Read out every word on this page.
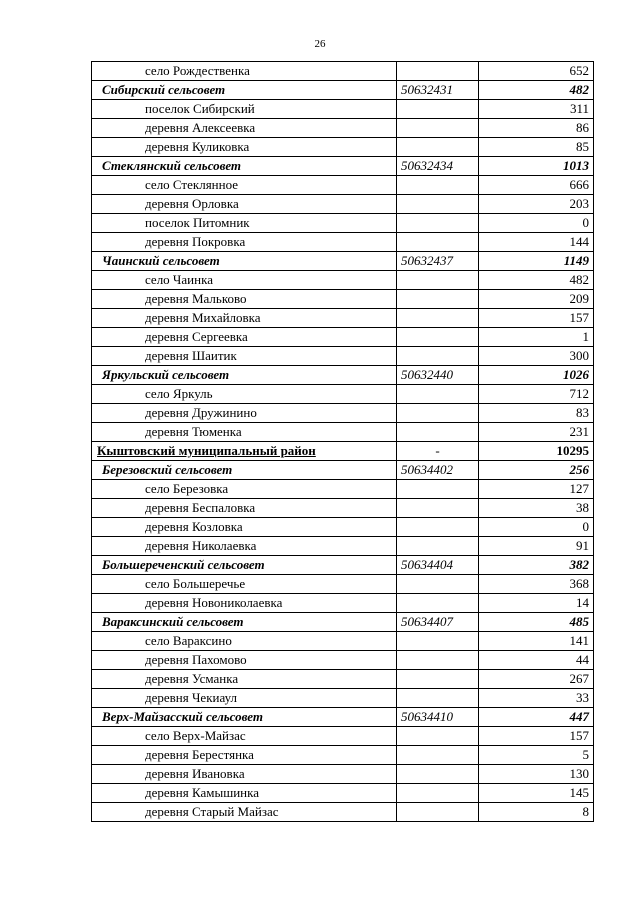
26
село Рождественка		652
Сибирский сельсовет	50632431	482
поселок Сибирский		311
деревня Алексеевка		86
деревня Куликовка		85
Стеклянский сельсовет	50632434	1013
село Стеклянное		666
деревня Орловка		203
поселок Питомник		0
деревня Покровка		144
Чаинский сельсовет	50632437	1149
село Чаинка		482
деревня Мальково		209
деревня Михайловка		157
деревня Сергеевка		1
деревня Шаитик		300
Яркульский сельсовет	50632440	1026
село Яркуль		712
деревня Дружинино		83
деревня Тюменка		231
Кыштовский муниципальный район	-	10295
Березовский сельсовет	50634402	256
село Березовка		127
деревня Беспаловка		38
деревня Козловка		0
деревня Николаевка		91
Большереченский сельсовет	50634404	382
село Большеречье		368
деревня Новониколаевка		14
Вараксинский сельсовет	50634407	485
село Вараксино		141
деревня Пахомово		44
деревня Усманка		267
деревня Чекиаул		33
Верх-Майзасский сельсовет	50634410	447
село Верх-Майзас		157
деревня Берестянка		5
деревня Ивановка		130
деревня Камышинка		145
деревня Старый Майзас		8
